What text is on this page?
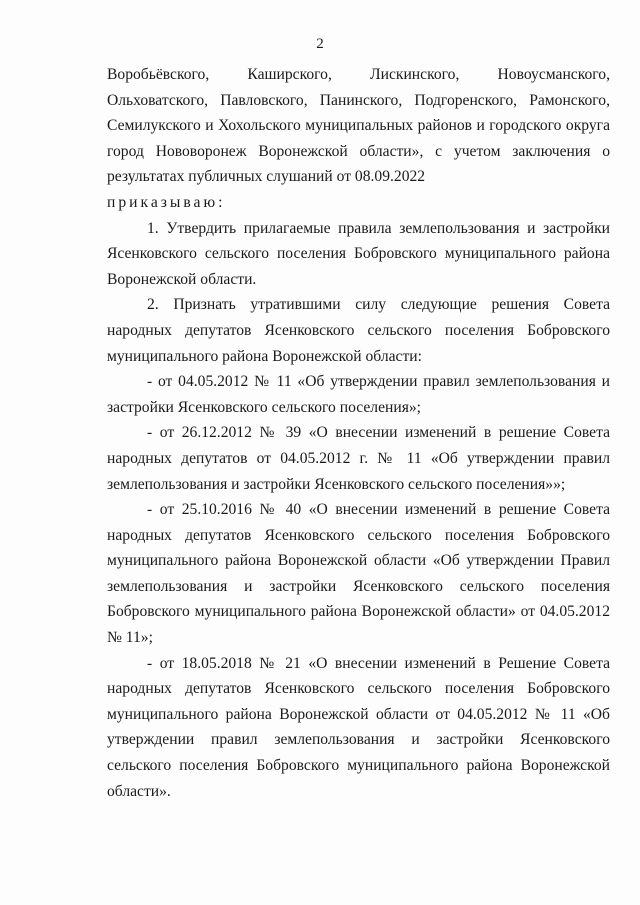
2

Воробьёвского, Каширского, Лискинского, Новоусманского, Ольховатского, Павловского, Панинского, Подгоренского, Рамонского, Семилукского и Хохольского муниципальных районов и городского округа город Нововоронеж Воронежской области», с учетом заключения о результатах публичных слушаний от 08.09.2022

приказываю:

1. Утвердить прилагаемые правила землепользования и застройки Ясенковского сельского поселения Бобровского муниципального района Воронежской области.

2. Признать утратившими силу следующие решения Совета народных депутатов Ясенковского сельского поселения Бобровского муниципального района Воронежской области:

- от 04.05.2012 № 11 «Об утверждении правил землепользования и застройки Ясенковского сельского поселения»;

- от 26.12.2012 № 39 «О внесении изменений в решение Совета народных депутатов от 04.05.2012 г. № 11 «Об утверждении правил землепользования и застройки Ясенковского сельского поселения»»;

- от 25.10.2016 № 40 «О внесении изменений в решение Совета народных депутатов Ясенковского сельского поселения Бобровского муниципального района Воронежской области «Об утверждении Правил землепользования и застройки Ясенковского сельского поселения Бобровского муниципального района Воронежской области» от 04.05.2012 № 11»;

- от 18.05.2018 № 21 «О внесении изменений в Решение Совета народных депутатов Ясенковского сельского поселения Бобровского муниципального района Воронежской области от 04.05.2012 № 11 «Об утверждении правил землепользования и застройки Ясенковского сельского поселения Бобровского муниципального района Воронежской области».
